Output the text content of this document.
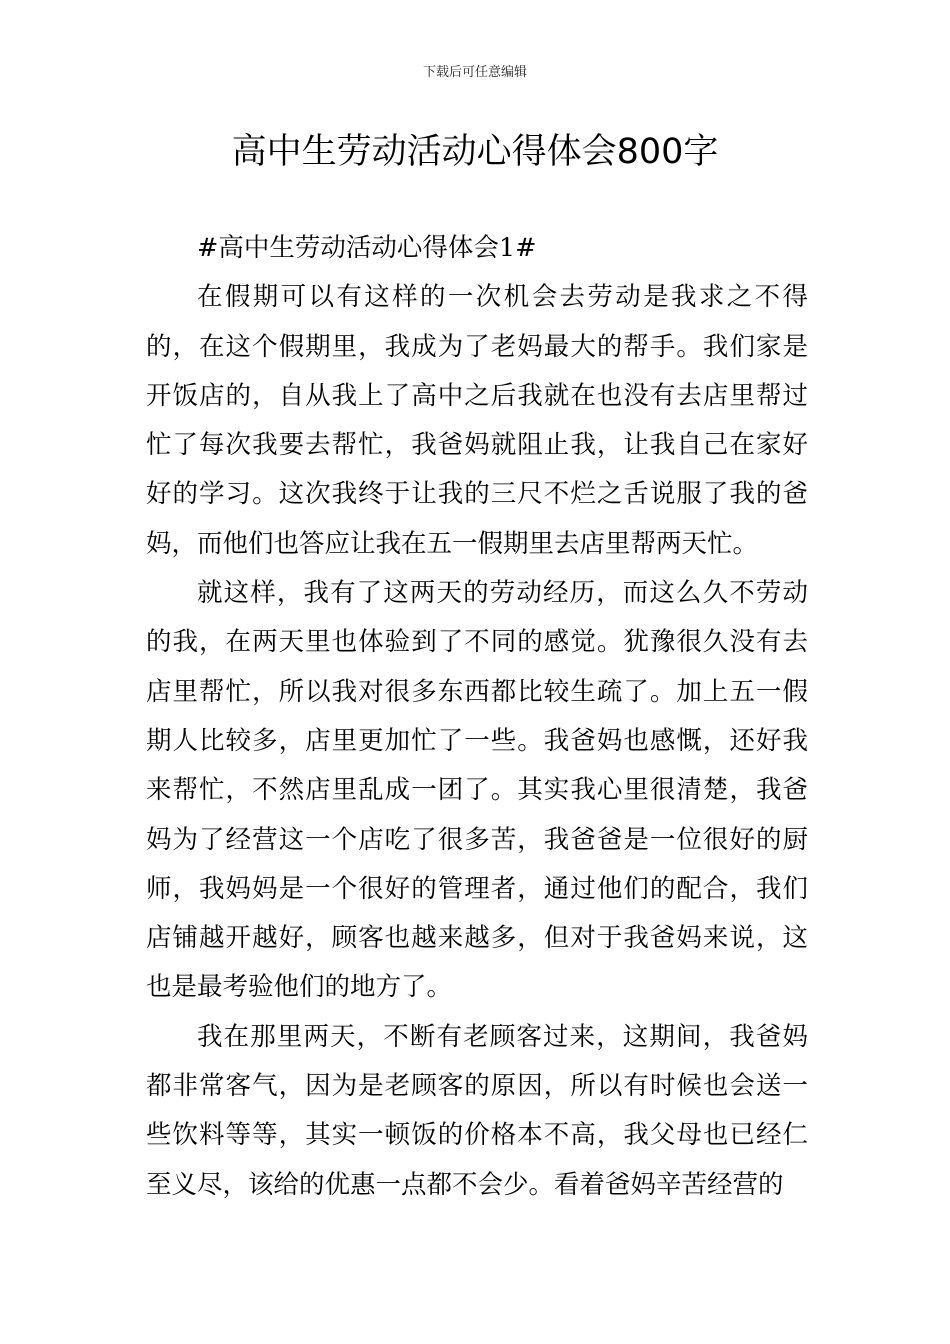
下载后可任意编辑
高中生劳动活动心得体会800字

#高中生劳动活动心得体会1#

在假期可以有这样的一次机会去劳动是我求之不得的，在这个假期里，我成为了老妈最大的帮手。我们家是开饭店的，自从我上了高中之后我就在也没有去店里帮过忙了每次我要去帮忙，我爸妈就阻止我，让我自己在家好好的学习。这次我终于让我的三尺不烂之舌说服了我的爸妈，而他们也答应让我在五一假期里去店里帮两天忙。

就这样，我有了这两天的劳动经历，而这么久不劳动的我，在两天里也体验到了不同的感觉。犹豫很久没有去店里帮忙，所以我对很多东西都比较生疏了。加上五一假期人比较多，店里更加忙了一些。我爸妈也感慨，还好我来帮忙，不然店里乱成一团了。其实我心里很清楚，我爸妈为了经营这一个店吃了很多苦，我爸爸是一位很好的厨师，我妈妈是一个很好的管理者，通过他们的配合，我们店铺越开越好，顾客也越来越多，但对于我爸妈来说，这也是最考验他们的地方了。

我在那里两天，不断有老顾客过来，这期间，我爸妈都非常客气，因为是老顾客的原因，所以有时候也会送一些饮料等等，其实一顿饭的价格本不高，我父母也已经仁至义尽，该给的优惠一点都不会少。看着爸妈辛苦经营的
